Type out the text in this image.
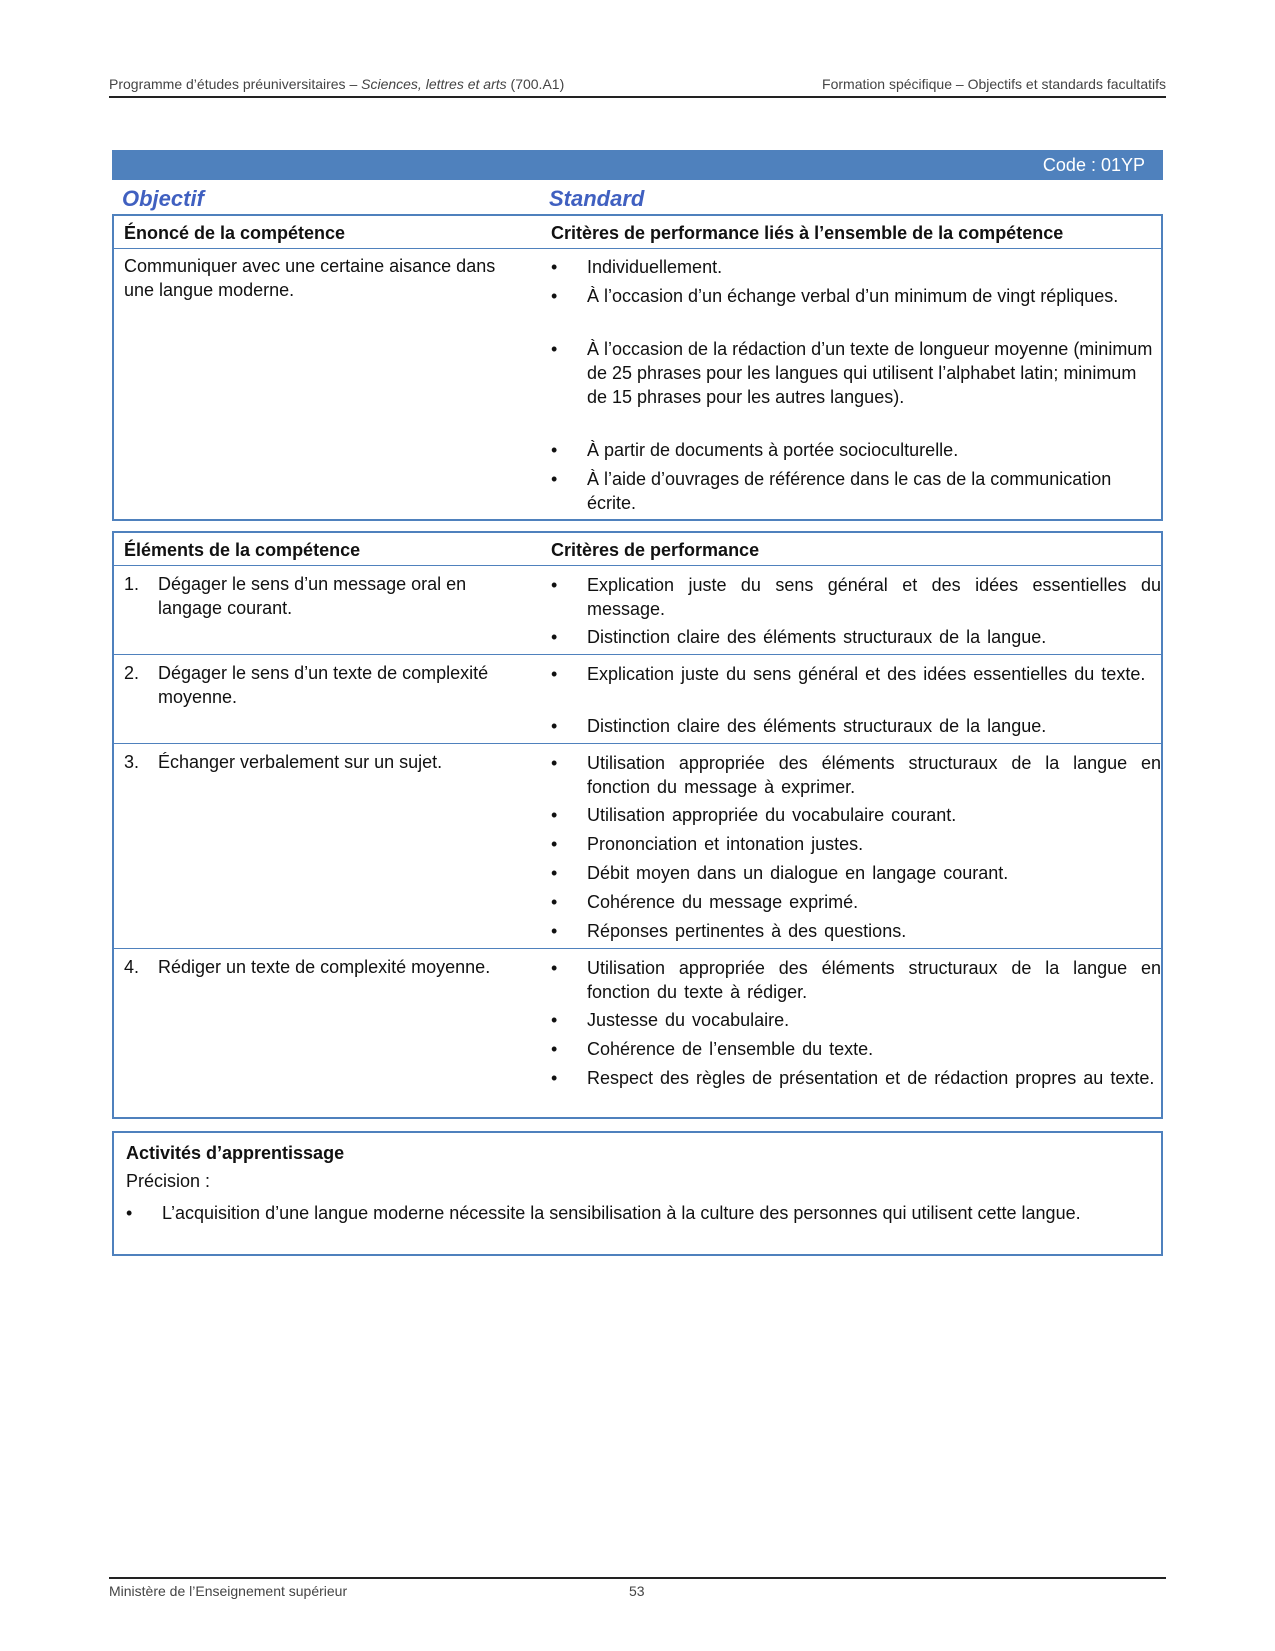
Programme d’études préuniversitaires – Sciences, lettres et arts (700.A1)	Formation spécifique – Objectifs et standards facultatifs
Code : 01YP
Objectif	Standard
Énoncé de la compétence	Critères de performance liés à l’ensemble de la compétence
Communiquer avec une certaine aisance dans une langue moderne.
• Individuellement.
• À l’occasion d’un échange verbal d’un minimum de vingt répliques.
• À l’occasion de la rédaction d’un texte de longueur moyenne (minimum de 25 phrases pour les langues qui utilisent l’alphabet latin; minimum de 15 phrases pour les autres langues).
• À partir de documents à portée socioculturelle.
• À l’aide d’ouvrages de référence dans le cas de la communication écrite.
Éléments de la compétence	Critères de performance
1. Dégager le sens d’un message oral en langage courant.
• Explication juste du sens général et des idées essentielles du message.
• Distinction claire des éléments structuraux de la langue.
2. Dégager le sens d’un texte de complexité moyenne.
• Explication juste du sens général et des idées essentielles du texte.
• Distinction claire des éléments structuraux de la langue.
3. Échanger verbalement sur un sujet.	• Utilisation appropriée des éléments structuraux de la langue en fonction du message à exprimer.
• Utilisation appropriée du vocabulaire courant.
• Prononciation et intonation justes.
• Débit moyen dans un dialogue en langage courant.
• Cohérence du message exprimé.
• Réponses pertinentes à des questions.
4. Rédiger un texte de complexité moyenne.	• Utilisation appropriée des éléments structuraux de la langue en fonction du texte à rédiger.
• Justesse du vocabulaire.
• Cohérence de l’ensemble du texte.
• Respect des règles de présentation et de rédaction propres au texte.
Activités d’apprentissage
Précision :
• L’acquisition d’une langue moderne nécessite la sensibilisation à la culture des personnes qui utilisent cette langue.
Ministère de l’Enseignement supérieur	53
